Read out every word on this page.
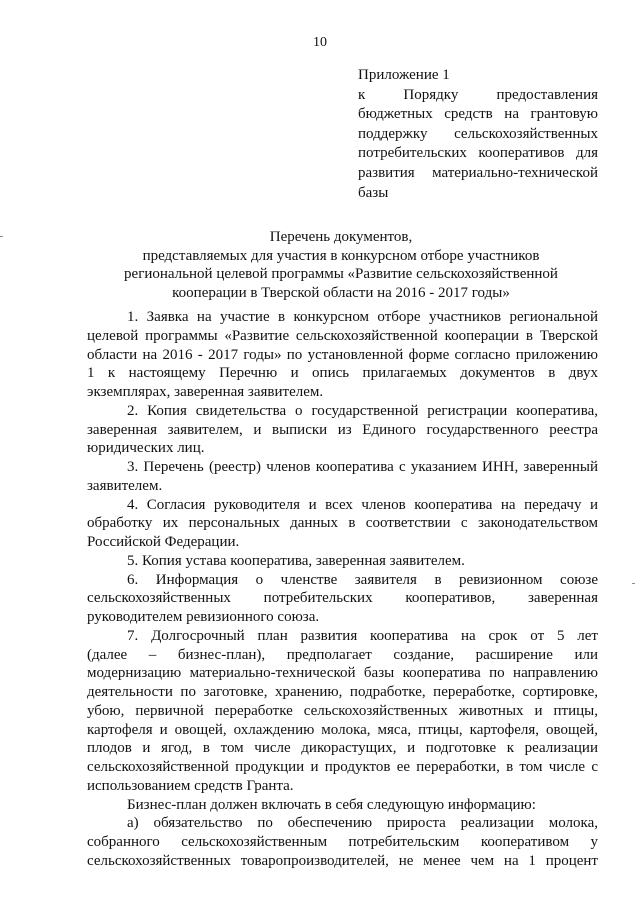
10
Приложение 1
к Порядку предоставления
бюджетных средств на грантовую
поддержку сельскохозяйственных
потребительских кооперативов для
развития материально-технической
базы
Перечень документов,
представляемых для участия в конкурсном отборе участников
региональной целевой программы «Развитие сельскохозяйственной
кооперации в Тверской области на 2016 - 2017 годы»
1. Заявка на участие в конкурсном отборе участников региональной
целевой программы «Развитие сельскохозяйственной кооперации в Тверской
области на 2016 - 2017 годы» по установленной форме согласно приложению
1 к настоящему Перечню и опись прилагаемых документов в двух
экземплярах, заверенная заявителем.
2. Копия свидетельства о государственной регистрации кооператива,
заверенная заявителем, и выписки из Единого государственного реестра
юридических лиц.
3. Перечень (реестр) членов кооператива с указанием ИНН, заверенный
заявителем.
4. Согласия руководителя и всех членов кооператива на передачу и
обработку их персональных данных в соответствии с законодательством
Российской Федерации.
5. Копия устава кооператива, заверенная заявителем.
6. Информация о членстве заявителя в ревизионном союзе
сельскохозяйственных потребительских кооперативов, заверенная
руководителем ревизионного союза.
7. Долгосрочный план развития кооператива на срок от 5 лет
(далее – бизнес-план), предполагает создание, расширение или
модернизацию материально-технической базы кооператива по направлению
деятельности по заготовке, хранению, подработке, переработке, сортировке,
убою, первичной переработке сельскохозяйственных животных и птицы,
картофеля и овощей, охлаждению молока, мяса, птицы, картофеля, овощей,
плодов и ягод, в том числе дикорастущих, и подготовке к реализации
сельскохозяйственной продукции и продуктов ее переработки, в том числе с
использованием средств Гранта.
Бизнес-план должен включать в себя следующую информацию:
а) обязательство по обеспечению прироста реализации молока,
собранного сельскохозяйственным потребительским кооперативом у
сельскохозяйственных товаропроизводителей, не менее чем на 1 процент
